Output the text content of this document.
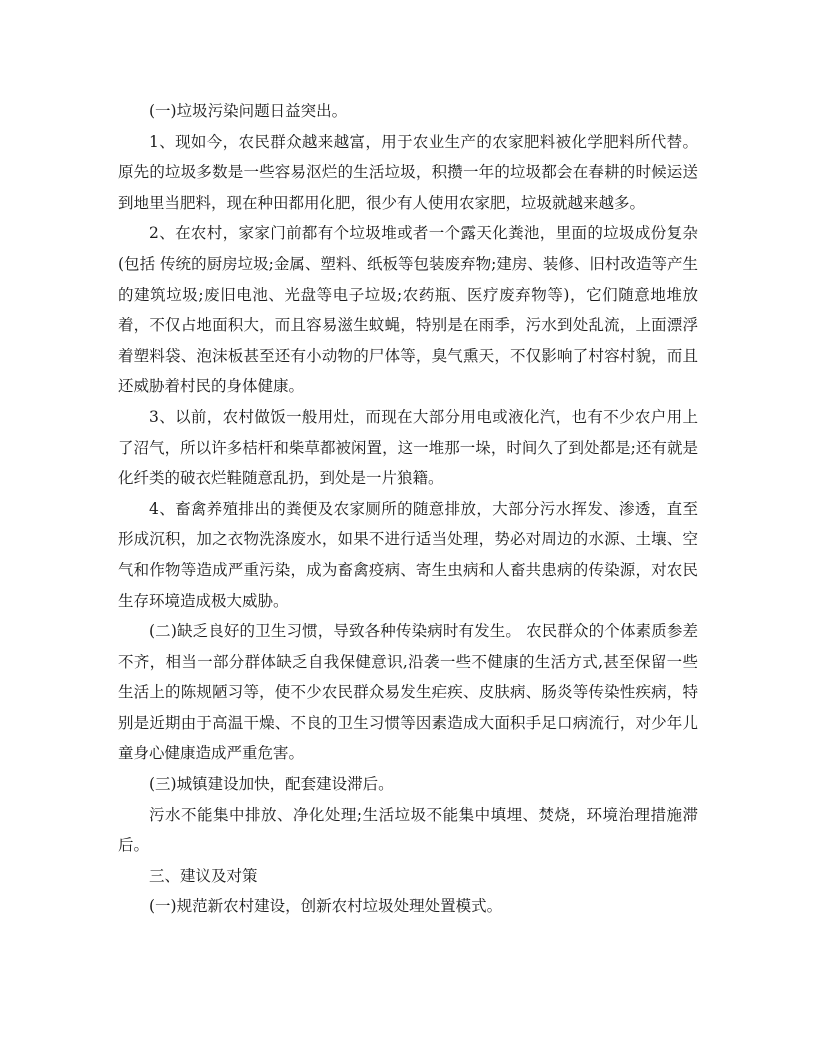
(一)垃圾污染问题日益突出。

1、现如今，农民群众越来越富，用于农业生产的农家肥料被化学肥料所代替。原先的垃圾多数是一些容易沤烂的生活垃圾，积攒一年的垃圾都会在春耕的时候运送到地里当肥料，现在种田都用化肥，很少有人使用农家肥，垃圾就越来越多。

2、在农村，家家门前都有个垃圾堆或者一个露天化粪池，里面的垃圾成份复杂(包括 传统的厨房垃圾;金属、塑料、纸板等包装废弃物;建房、装修、旧村改造等产生的建筑垃圾;废旧电池、光盘等电子垃圾;农药瓶、医疗废弃物等)，它们随意地堆放着，不仅占地面积大，而且容易滋生蚊蝇，特别是在雨季，污水到处乱流，上面漂浮着塑料袋、泡沫板甚至还有小动物的尸体等，臭气熏天，不仅影响了村容村貌，而且还威胁着村民的身体健康。

3、以前，农村做饭一般用灶，而现在大部分用电或液化汽，也有不少农户用上了沼气，所以许多桔杆和柴草都被闲置，这一堆那一垛，时间久了到处都是;还有就是化纤类的破衣烂鞋随意乱扔，到处是一片狼籍。

4、畜禽养殖排出的粪便及农家厕所的随意排放，大部分污水挥发、渗透，直至形成沉积，加之衣物洗涤废水，如果不进行适当处理，势必对周边的水源、土壤、空气和作物等造成严重污染，成为畜禽疫病、寄生虫病和人畜共患病的传染源，对农民生存环境造成极大威胁。

(二)缺乏良好的卫生习惯，导致各种传染病时有发生。 农民群众的个体素质参差不齐，相当一部分群体缺乏自我保健意识,沿袭一些不健康的生活方式,甚至保留一些生活上的陈规陋习等，使不少农民群众易发生疟疾、皮肤病、肠炎等传染性疾病，特别是近期由于高温干燥、不良的卫生习惯等因素造成大面积手足口病流行，对少年儿童身心健康造成严重危害。

(三)城镇建设加快，配套建设滞后。

污水不能集中排放、净化处理;生活垃圾不能集中填埋、焚烧，环境治理措施滞后。

三、建议及对策

(一)规范新农村建设，创新农村垃圾处理处置模式。
